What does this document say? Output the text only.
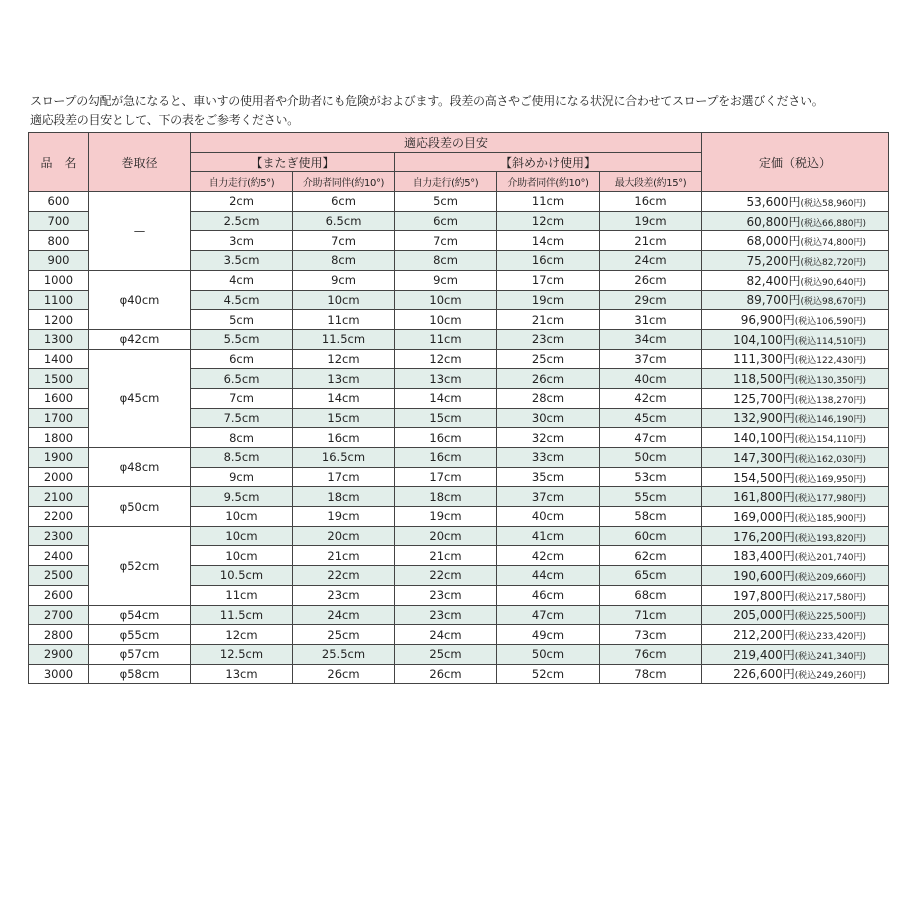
スロープの勾配が急になると、車いすの使用者や介助者にも危険がおよびます。段差の高さやご使用になる状況に合わせてスロープをお選びください。
適応段差の目安として、下の表をご参考ください。
品　名	巻取径	適応段差の目安					定価（税込）
		【またぎ使用】		【斜めかけ使用】			
		自力走行(約5°)	介助者同伴(約10°)	自力走行(約5°)	介助者同伴(約10°)	最大段差(約15°)	
600	—	2cm	6cm	5cm	11cm	16cm	53,600円(税込58,960円)
700		2.5cm	6.5cm	6cm	12cm	19cm	60,800円(税込66,880円)
800		3cm	7cm	7cm	14cm	21cm	68,000円(税込74,800円)
900		3.5cm	8cm	8cm	16cm	24cm	75,200円(税込82,720円)
1000	φ40cm	4cm	9cm	9cm	17cm	26cm	82,400円(税込90,640円)
1100		4.5cm	10cm	10cm	19cm	29cm	89,700円(税込98,670円)
1200		5cm	11cm	10cm	21cm	31cm	96,900円(税込106,590円)
1300	φ42cm	5.5cm	11.5cm	11cm	23cm	34cm	104,100円(税込114,510円)
1400	φ45cm	6cm	12cm	12cm	25cm	37cm	111,300円(税込122,430円)
1500		6.5cm	13cm	13cm	26cm	40cm	118,500円(税込130,350円)
1600		7cm	14cm	14cm	28cm	42cm	125,700円(税込138,270円)
1700		7.5cm	15cm	15cm	30cm	45cm	132,900円(税込146,190円)
1800		8cm	16cm	16cm	32cm	47cm	140,100円(税込154,110円)
1900	φ48cm	8.5cm	16.5cm	16cm	33cm	50cm	147,300円(税込162,030円)
2000		9cm	17cm	17cm	35cm	53cm	154,500円(税込169,950円)
2100	φ50cm	9.5cm	18cm	18cm	37cm	55cm	161,800円(税込177,980円)
2200		10cm	19cm	19cm	40cm	58cm	169,000円(税込185,900円)
2300	φ52cm	10cm	20cm	20cm	41cm	60cm	176,200円(税込193,820円)
2400		10cm	21cm	21cm	42cm	62cm	183,400円(税込201,740円)
2500		10.5cm	22cm	22cm	44cm	65cm	190,600円(税込209,660円)
2600		11cm	23cm	23cm	46cm	68cm	197,800円(税込217,580円)
2700	φ54cm	11.5cm	24cm	23cm	47cm	71cm	205,000円(税込225,500円)
2800	φ55cm	12cm	25cm	24cm	49cm	73cm	212,200円(税込233,420円)
2900	φ57cm	12.5cm	25.5cm	25cm	50cm	76cm	219,400円(税込241,340円)
3000	φ58cm	13cm	26cm	26cm	52cm	78cm	226,600円(税込249,260円)
